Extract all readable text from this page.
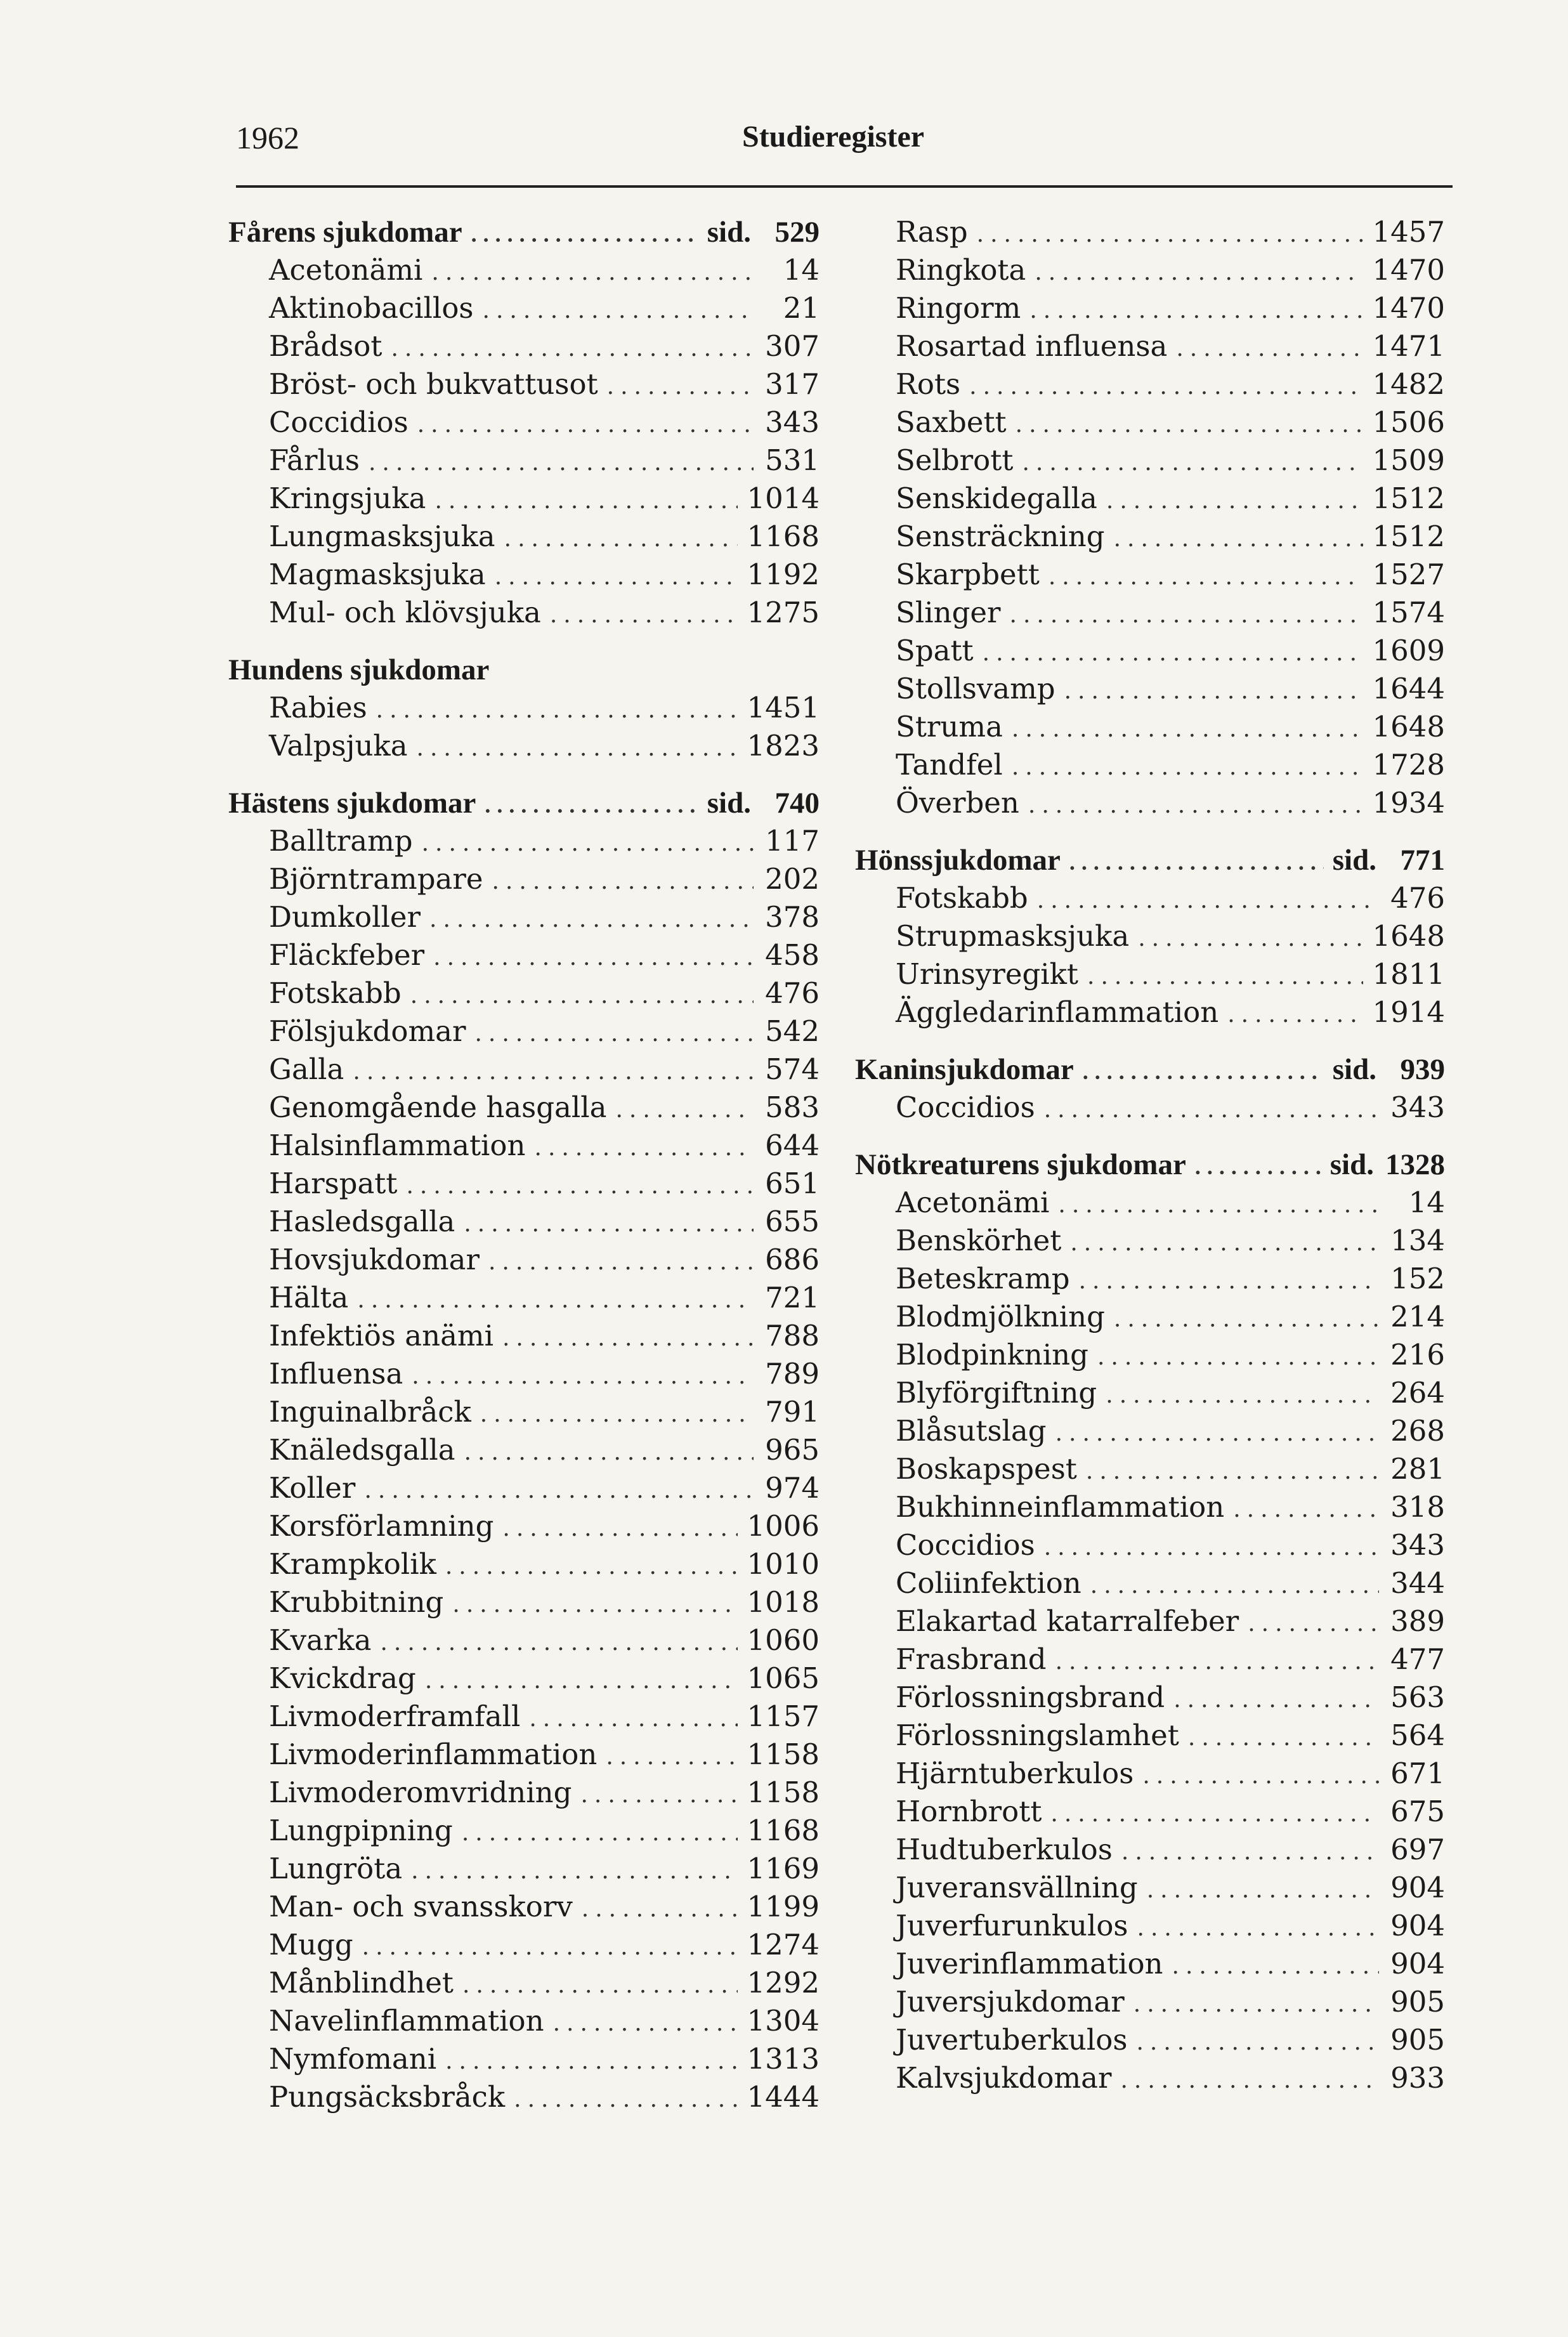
1962	Studieregister
Fårens sjukdomar .....	sid. 529
Acetonämi .....	14
Aktinobacillos .....	21
Brådsot .....	307
Bröst- och bukvattusot .....	317
Coccidios .....	343
Fårlus .....	531
Kringsjuka .....	1014
Lungmasksjuka .....	1168
Magmasksjuka .....	1192
Mul- och klövsjuka .....	1275
Hundens sjukdomar
Rabies .....	1451
Valpsjuka .....	1823
Hästens sjukdomar .....	sid. 740
Balltramp .....	117
Björntrampare .....	202
Dumkoller .....	378
Fläckfeber .....	458
Fotskabb .....	476
Fölsjukdomar .....	542
Galla .....	574
Genomgående hasgalla .....	583
Halsinflammation .....	644
Harspatt .....	651
Hasledsgalla .....	655
Hovsjukdomar .....	686
Hälta .....	721
Infektiös anämi .....	788
Influensa .....	789
Inguinalbråck .....	791
Knäledsgalla .....	965
Koller .....	974
Korsförlamning .....	1006
Krampkolik .....	1010
Krubbitning .....	1018
Kvarka .....	1060
Kvickdrag .....	1065
Livmoderframfall .....	1157
Livmoderinflammation .....	1158
Livmoderomvridning .....	1158
Lungpipning .....	1168
Lungröta .....	1169
Man- och svansskorv .....	1199
Mugg .....	1274
Månblindhet .....	1292
Navelinflammation .....	1304
Nymfomani .....	1313
Pungsäcksbråck .....	1444
Rasp .....	1457
Ringkota .....	1470
Ringorm .....	1470
Rosartad influensa .....	1471
Rots .....	1482
Saxbett .....	1506
Selbrott .....	1509
Senskidegalla .....	1512
Sensträckning .....	1512
Skarpbett .....	1527
Slinger .....	1574
Spatt .....	1609
Stollsvamp .....	1644
Struma .....	1648
Tandfel .....	1728
Överben .....	1934
Hönssjukdomar .....	sid. 771
Fotskabb .....	476
Strupmasksjuka .....	1648
Urinsyregikt .....	1811
Äggledarinflammation .....	1914
Kaninsjukdomar .....	sid. 939
Coccidios .....	343
Nötkreaturens sjukdomar .....	sid. 1328
Acetonämi .....	14
Benskörhet .....	134
Beteskramp .....	152
Blodmjölkning .....	214
Blodpinkning .....	216
Blyförgiftning .....	264
Blåsutslag .....	268
Boskapspest .....	281
Bukhinneinflammation .....	318
Coccidios .....	343
Coliinfektion .....	344
Elakartad katarralfeber .....	389
Frasbrand .....	477
Förlossningsbrand .....	563
Förlossningslamhet .....	564
Hjärntuberkulos .....	671
Hornbrott .....	675
Hudtuberkulos .....	697
Juveransvällning .....	904
Juverfurunkulos .....	904
Juverinflammation .....	904
Juversjukdomar .....	905
Juvertuberkulos .....	905
Kalvsjukdomar .....	933
